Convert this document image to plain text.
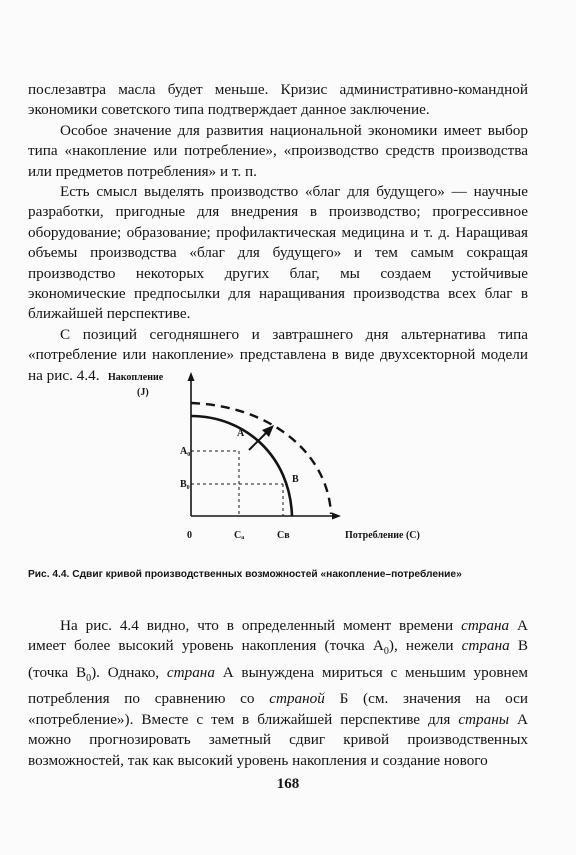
послезавтра масла будет меньше. Кризис административно-командной экономики советского типа подтверждает данное заключение.

Особое значение для развития национальной экономики имеет выбор типа «накопление или потребление», «производство средств производства или предметов потребления» и т. п.

Есть смысл выделять производство «благ для будущего» — научные разработки, пригодные для внедрения в производство; прогрессивное оборудование; образование; профилактическая медицина и т. д. Наращивая объемы производства «благ для будущего» и тем самым сокращая производство некоторых других благ, мы создаем устойчивые экономические предпосылки для наращивания производства всех благ в ближайшей перспективе.

С позиций сегодняшнего и завтрашнего дня альтернатива типа «потребление или накопление» представлена в виде двухсекторной модели на рис. 4.4. Накопление
(J)
A₀
B₀
A
B
0	Cₐ	Cв	Потребление (C)
Рис. 4.4. Сдвиг кривой производственных возможностей «накопление–потребление»

На рис. 4.4 видно, что в определенный момент времени страна А имеет более высокий уровень накопления (точка $А_0$), нежели страна В (точка $В_0$). Однако, страна А вынуждена мириться с меньшим уровнем потребления по сравнению со страной Б (см. значения на оси «потребление»). Вместе с тем в ближайшей перспективе для страны А можно прогнозировать заметный сдвиг кривой производственных возможностей, так как высокий уровень накопления и создание нового

168
